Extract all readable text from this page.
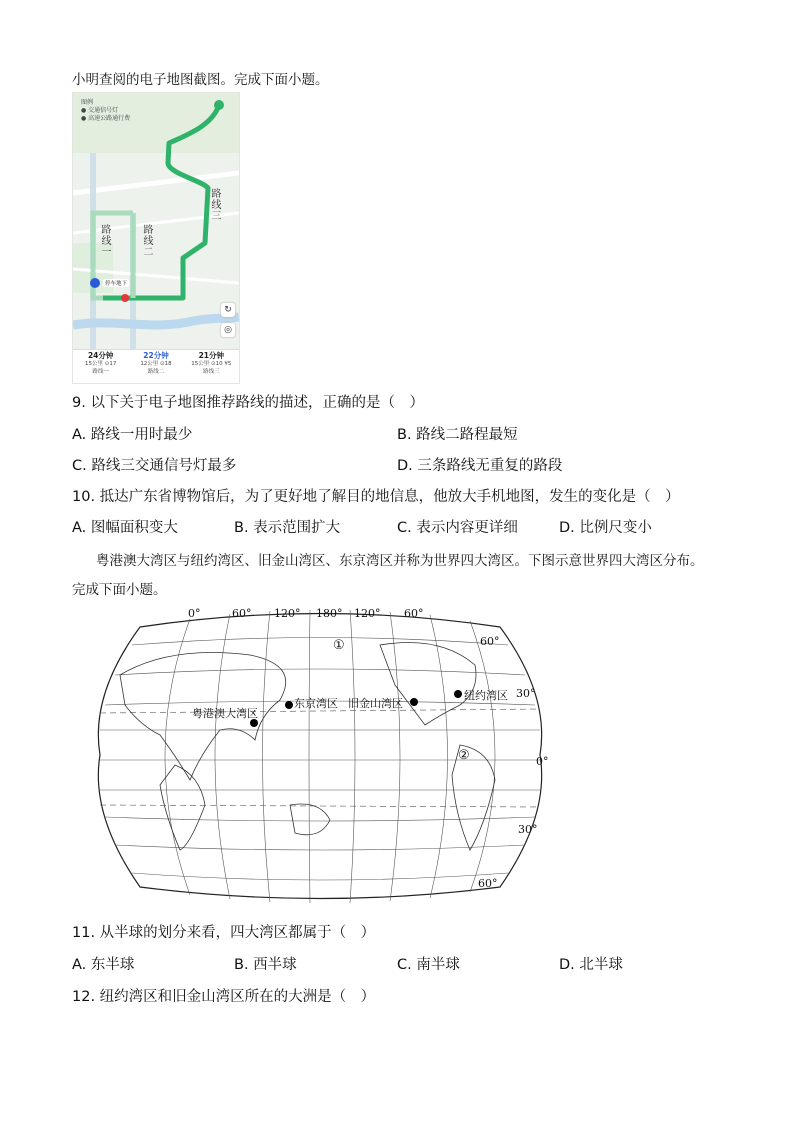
小明查阅的电子地图截图。完成下面小题。
图例
● 交通信号灯
● 高速公路通行费
路线一
路线二
路线三
停车地下
↻
◎
24分钟
15公里 ⊙17
路线一
22分钟
12公里 ⊙18
路线二
21分钟
15公里 ⊙10 ¥5
路线三
9. 以下关于电子地图推荐路线的描述，正确的是（　）
A. 路线一用时最少	B. 路线二路程最短
C. 路线三交通信号灯最多	D. 三条路线无重复的路段
10. 抵达广东省博物馆后，为了更好地了解目的地信息，他放大手机地图，发生的变化是（　）
A. 图幅面积变大	B. 表示范围扩大	C. 表示内容更详细	D. 比例尺变小
粤港澳大湾区与纽约湾区、旧金山湾区、东京湾区并称为世界四大湾区。下图示意世界四大湾区分布。
完成下面小题。
粤港澳大湾区
东京湾区 旧金山湾区
纽约湾区
①
②
0°	60° 120° 180° 120° 60°
60°
30°
0°
30°
60°
11. 从半球的划分来看，四大湾区都属于（　）
A. 东半球	B. 西半球	C. 南半球	D. 北半球
12. 纽约湾区和旧金山湾区所在的大洲是（　）
